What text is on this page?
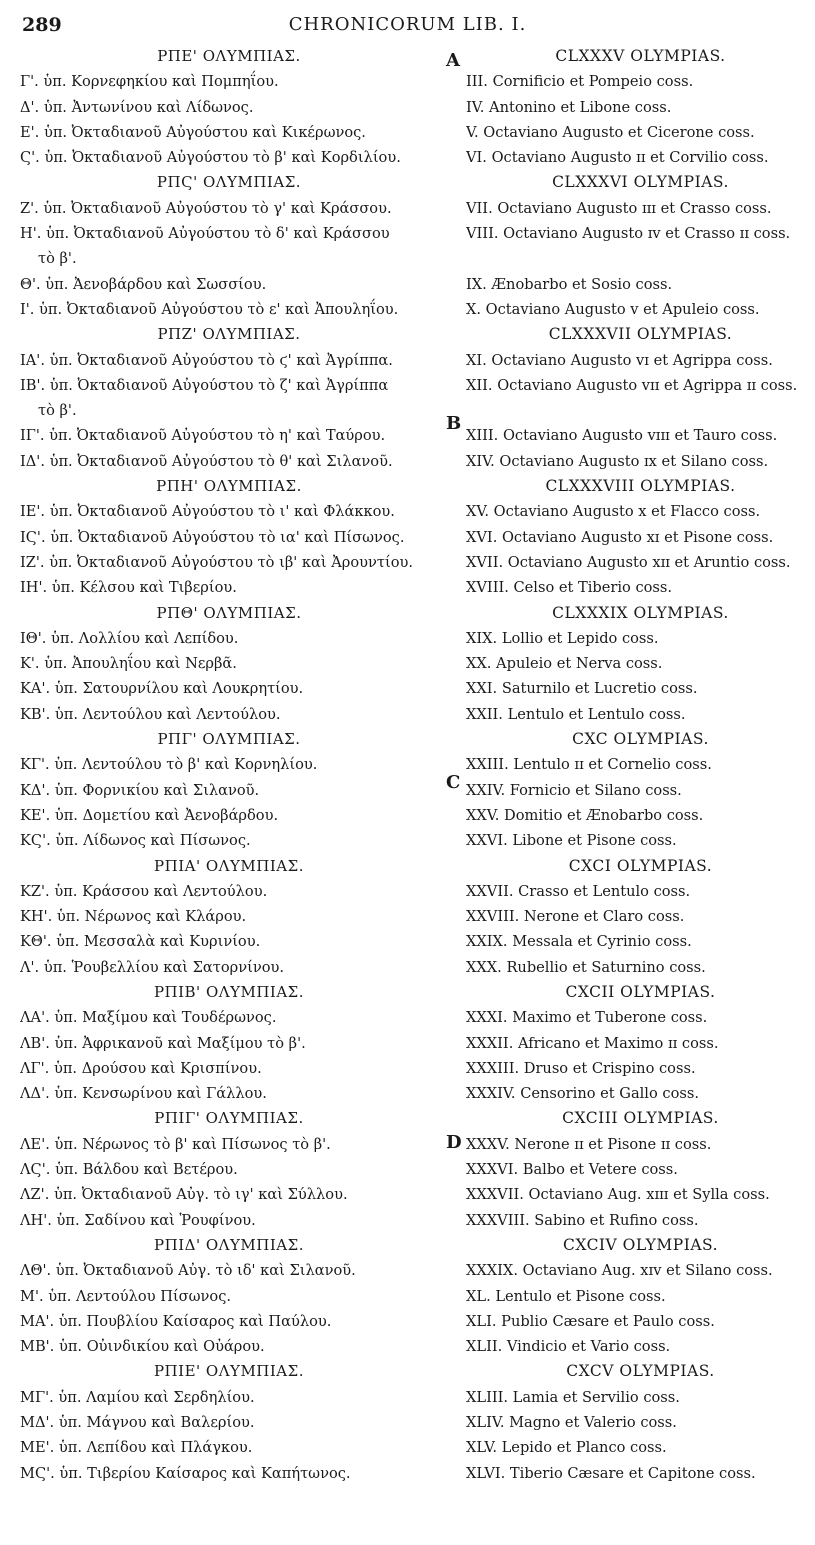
289	CHRONICORUM LIB. I.
A
B
C
D
ΡΠΕ' ΟΛΥΜΠΙΑΣ.
Γ'. ὑπ. Κορνεφηκίου καὶ Πομπηΐου.
Δ'. ὑπ. Ἀντωνίνου καὶ Λίδωνος.
Ε'. ὑπ. Ὀκταδιανοῦ Αὐγούστου καὶ Κικέρωνος.
Ϛ'. ὑπ. Ὀκταδιανοῦ Αὐγούστου τὸ β' καὶ Κορδιλίου.
ΡΠϚ' ΟΛΥΜΠΙΑΣ.
Ζ'. ὑπ. Ὀκταδιανοῦ Αὐγούστου τὸ γ' καὶ Κράσσου.
Η'. ὑπ. Ὀκταδιανοῦ Αὐγούστου τὸ δ' καὶ Κράσσου
τὸ β'.
Θ'. ὑπ. Ἀενοβάρδου καὶ Σωσσίου.
Ι'. ὑπ. Ὀκταδιανοῦ Αὐγούστου τὸ ε' καὶ Ἀπουληΐου.
ΡΠΖ' ΟΛΥΜΠΙΑΣ.
ΙΑ'. ὑπ. Ὀκταδιανοῦ Αὐγούστου τὸ ϛ' καὶ Ἀγρίππα.
ΙΒ'. ὑπ. Ὀκταδιανοῦ Αὐγούστου τὸ ζ' καὶ Ἀγρίππα
τὸ β'.
ΙΓ'. ὑπ. Ὀκταδιανοῦ Αὐγούστου τὸ η' καὶ Ταύρου.
ΙΔ'. ὑπ. Ὀκταδιανοῦ Αὐγούστου τὸ θ' καὶ Σιλανοῦ.
ΡΠΗ' ΟΛΥΜΠΙΑΣ.
ΙΕ'. ὑπ. Ὀκταδιανοῦ Αὐγούστου τὸ ι' καὶ Φλάκκου.
ΙϚ'. ὑπ. Ὀκταδιανοῦ Αὐγούστου τὸ ια' καὶ Πίσωνος.
ΙΖ'. ὑπ. Ὀκταδιανοῦ Αὐγούστου τὸ ιβ' καὶ Ἀρουντίου.
ΙΗ'. ὑπ. Κέλσου καὶ Τιβερίου.
ΡΠΘ' ΟΛΥΜΠΙΑΣ.
ΙΘ'. ὑπ. Λολλίου καὶ Λεπίδου.
Κ'. ὑπ. Ἀπουληΐου καὶ Νερβᾶ.
ΚΑ'. ὑπ. Σατουρνίλου καὶ Λουκρητίου.
ΚΒ'. ὑπ. Λεντούλου καὶ Λεντούλου.
ΡΠΓ' ΟΛΥΜΠΙΑΣ.
ΚΓ'. ὑπ. Λεντούλου τὸ β' καὶ Κορνηλίου.
ΚΔ'. ὑπ. Φορνικίου καὶ Σιλανοῦ.
ΚΕ'. ὑπ. Δομετίου καὶ Ἀενοβάρδου.
ΚϚ'. ὑπ. Λίδωνος καὶ Πίσωνος.
ΡΠΙΑ' ΟΛΥΜΠΙΑΣ.
ΚΖ'. ὑπ. Κράσσου καὶ Λεντούλου.
ΚΗ'. ὑπ. Νέρωνος καὶ Κλάρου.
ΚΘ'. ὑπ. Μεσσαλὰ καὶ Κυρινίου.
Λ'. ὑπ. Ῥουβελλίου καὶ Σατορνίνου.
ΡΠΙΒ' ΟΛΥΜΠΙΑΣ.
ΛΑ'. ὑπ. Μαξίμου καὶ Τουδέρωνος.
ΛΒ'. ὑπ. Ἀφρικανοῦ καὶ Μαξίμου τὸ β'.
ΛΓ'. ὑπ. Δρούσου καὶ Κρισπίνου.
ΛΔ'. ὑπ. Κενσωρίνου καὶ Γάλλου.
ΡΠΙΓ' ΟΛΥΜΠΙΑΣ.
ΛΕ'. ὑπ. Νέρωνος τὸ β' καὶ Πίσωνος τὸ β'.
ΛϚ'. ὑπ. Βάλδου καὶ Βετέρου.
ΛΖ'. ὑπ. Ὀκταδιανοῦ Αὐγ. τὸ ιγ' καὶ Σύλλου.
ΛΗ'. ὑπ. Σαδίνου καὶ Ῥουφίνου.
ΡΠΙΔ' ΟΛΥΜΠΙΑΣ.
ΛΘ'. ὑπ. Ὀκταδιανοῦ Αὐγ. τὸ ιδ' καὶ Σιλανοῦ.
Μ'. ὑπ. Λεντούλου Πίσωνος.
ΜΑ'. ὑπ. Πουβλίου Καίσαρος καὶ Παύλου.
ΜΒ'. ὑπ. Οὐινδικίου καὶ Οὐάρου.
ΡΠΙΕ' ΟΛΥΜΠΙΑΣ.
ΜΓ'. ὑπ. Λαμίου καὶ Σερδηλίου.
ΜΔ'. ὑπ. Μάγνου καὶ Βαλερίου.
ΜΕ'. ὑπ. Λεπίδου καὶ Πλάγκου.
ΜϚ'. ὑπ. Τιβερίου Καίσαρος καὶ Καπήτωνος.
CLXXXV OLYMPIAS.
III. Cornificio et Pompeio coss.
IV. Antonino et Libone coss.
V. Octaviano Augusto et Cicerone coss.
VI. Octaviano Augusto ɪɪ et Corvilio coss.
CLXXXVI OLYMPIAS.
VII. Octaviano Augusto ɪɪɪ et Crasso coss.
VIII. Octaviano Augusto ɪᴠ et Crasso ɪɪ coss.
IX. Ænobarbo et Sosio coss.
X. Octaviano Augusto ᴠ et Apuleio coss.
CLXXXVII OLYMPIAS.
XI. Octaviano Augusto ᴠɪ et Agrippa coss.
XII. Octaviano Augusto ᴠɪɪ et Agrippa ɪɪ coss.
XIII. Octaviano Augusto ᴠɪɪɪ et Tauro coss.
XIV. Octaviano Augusto ɪx et Silano coss.
CLXXXVIII OLYMPIAS.
XV. Octaviano Augusto x et Flacco coss.
XVI. Octaviano Augusto xɪ et Pisone coss.
XVII. Octaviano Augusto xɪɪ et Aruntio coss.
XVIII. Celso et Tiberio coss.
CLXXXIX OLYMPIAS.
XIX. Lollio et Lepido coss.
XX. Apuleio et Nerva coss.
XXI. Saturnilo et Lucretio coss.
XXII. Lentulo et Lentulo coss.
CXC OLYMPIAS.
XXIII. Lentulo ɪɪ et Cornelio coss.
XXIV. Fornicio et Silano coss.
XXV. Domitio et Ænobarbo coss.
XXVI. Libone et Pisone coss.
CXCI OLYMPIAS.
XXVII. Crasso et Lentulo coss.
XXVIII. Nerone et Claro coss.
XXIX. Messala et Cyrinio coss.
XXX. Rubellio et Saturnino coss.
CXCII OLYMPIAS.
XXXI. Maximo et Tuberone coss.
XXXII. Africano et Maximo ɪɪ coss.
XXXIII. Druso et Crispino coss.
XXXIV. Censorino et Gallo coss.
CXCIII OLYMPIAS.
XXXV. Nerone ɪɪ et Pisone ɪɪ coss.
XXXVI. Balbo et Vetere coss.
XXXVII. Octaviano Aug. xɪɪɪ et Sylla coss.
XXXVIII. Sabino et Rufino coss.
CXCIV OLYMPIAS.
XXXIX. Octaviano Aug. xɪᴠ et Silano coss.
XL. Lentulo et Pisone coss.
XLI. Publio Cæsare et Paulo coss.
XLII. Vindicio et Vario coss.
CXCV OLYMPIAS.
XLIII. Lamia et Servilio coss.
XLIV. Magno et Valerio coss.
XLV. Lepido et Planco coss.
XLVI. Tiberio Cæsare et Capitone coss.
